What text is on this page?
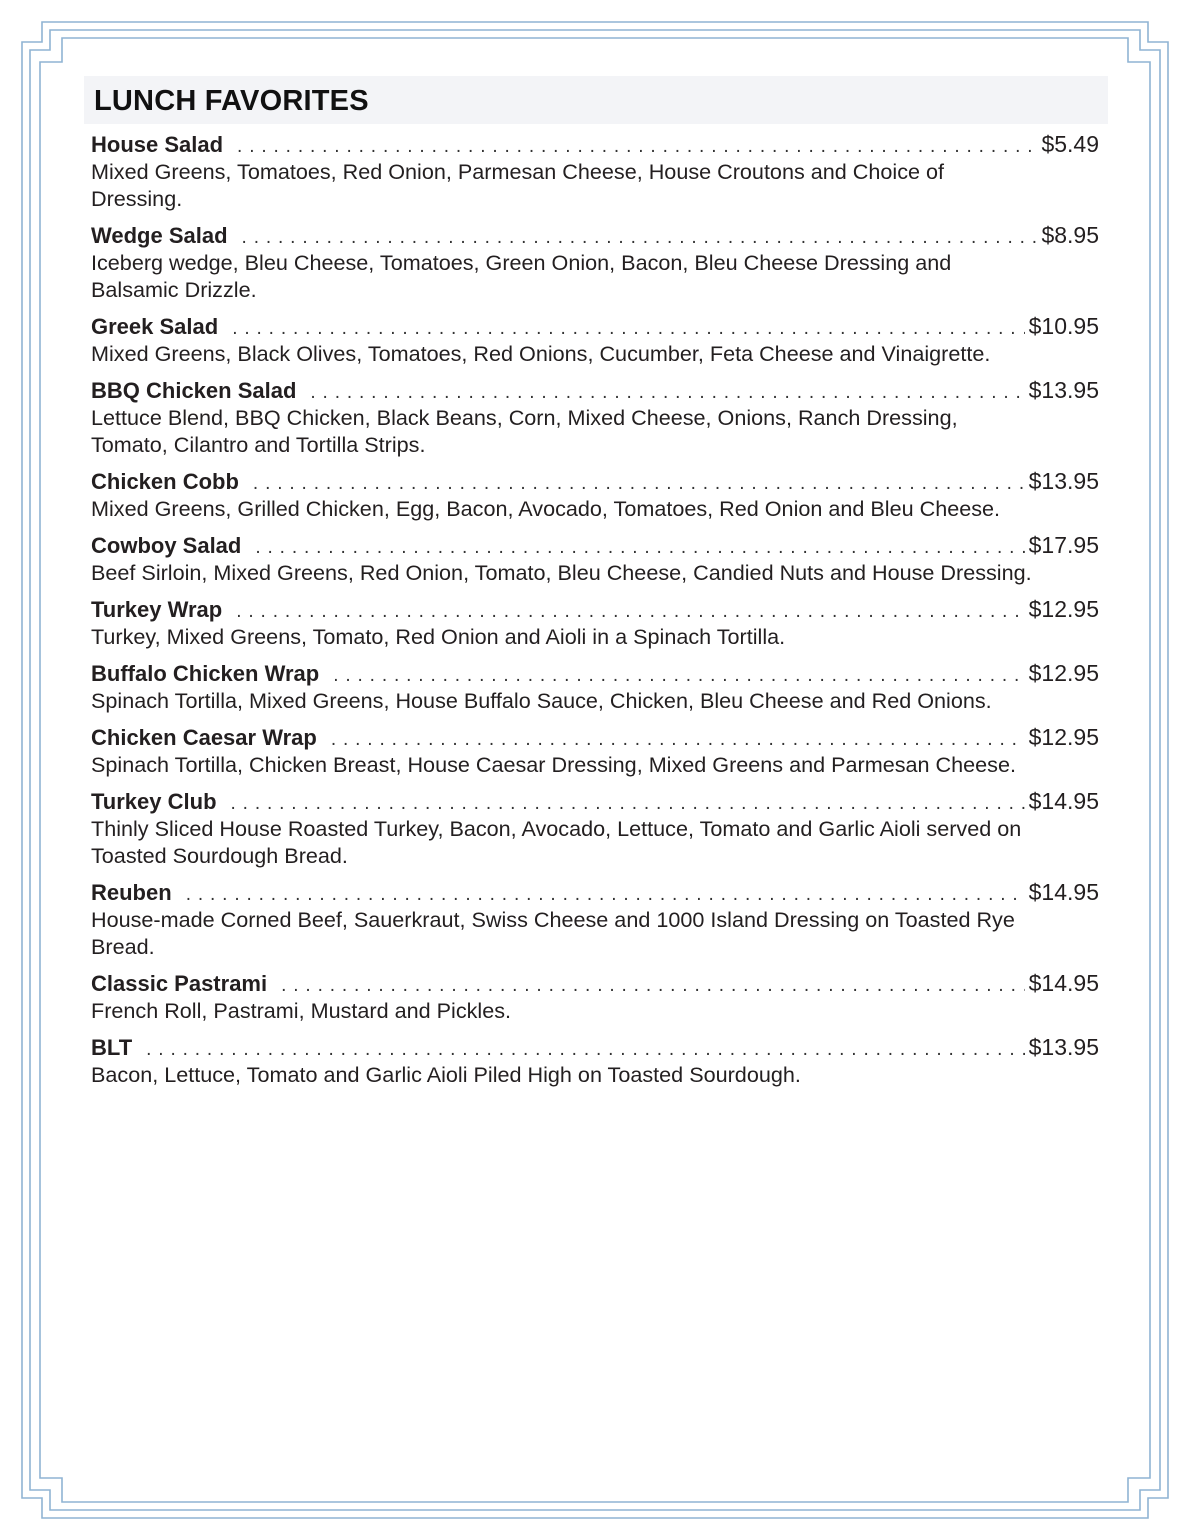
LUNCH FAVORITES
House Salad . . .	$5.49

Mixed Greens, Tomatoes, Red Onion, Parmesan Cheese, House Croutons and Choice of Dressing.

Wedge Salad . . .	$8.95

Iceberg wedge, Bleu Cheese, Tomatoes, Green Onion, Bacon, Bleu Cheese Dressing and Balsamic Drizzle.

Greek Salad . . .	$10.95

Mixed Greens, Black Olives, Tomatoes, Red Onions, Cucumber, Feta Cheese and Vinaigrette.

BBQ Chicken Salad . . .	$13.95

Lettuce Blend, BBQ Chicken, Black Beans, Corn, Mixed Cheese, Onions, Ranch Dressing, Tomato, Cilantro and Tortilla Strips.

Chicken Cobb . . .	$13.95

Mixed Greens, Grilled Chicken, Egg, Bacon, Avocado, Tomatoes, Red Onion and Bleu Cheese.

Cowboy Salad . . .	$17.95

Beef Sirloin, Mixed Greens, Red Onion, Tomato, Bleu Cheese, Candied Nuts and House Dressing.

Turkey Wrap . . .	$12.95

Turkey, Mixed Greens, Tomato, Red Onion and Aioli in a Spinach Tortilla.

Buffalo Chicken Wrap . . .	$12.95

Spinach Tortilla, Mixed Greens, House Buffalo Sauce, Chicken, Bleu Cheese and Red Onions.

Chicken Caesar Wrap . . .	$12.95

Spinach Tortilla, Chicken Breast, House Caesar Dressing, Mixed Greens and Parmesan Cheese.

Turkey Club . . .	$14.95

Thinly Sliced House Roasted Turkey, Bacon, Avocado, Lettuce, Tomato and Garlic Aioli served on Toasted Sourdough Bread.

Reuben . . .	$14.95

House-made Corned Beef, Sauerkraut, Swiss Cheese and 1000 Island Dressing on Toasted Rye Bread.

Classic Pastrami . . .	$14.95

French Roll, Pastrami, Mustard and Pickles.

BLT . . .	$13.95

Bacon, Lettuce, Tomato and Garlic Aioli Piled High on Toasted Sourdough.
